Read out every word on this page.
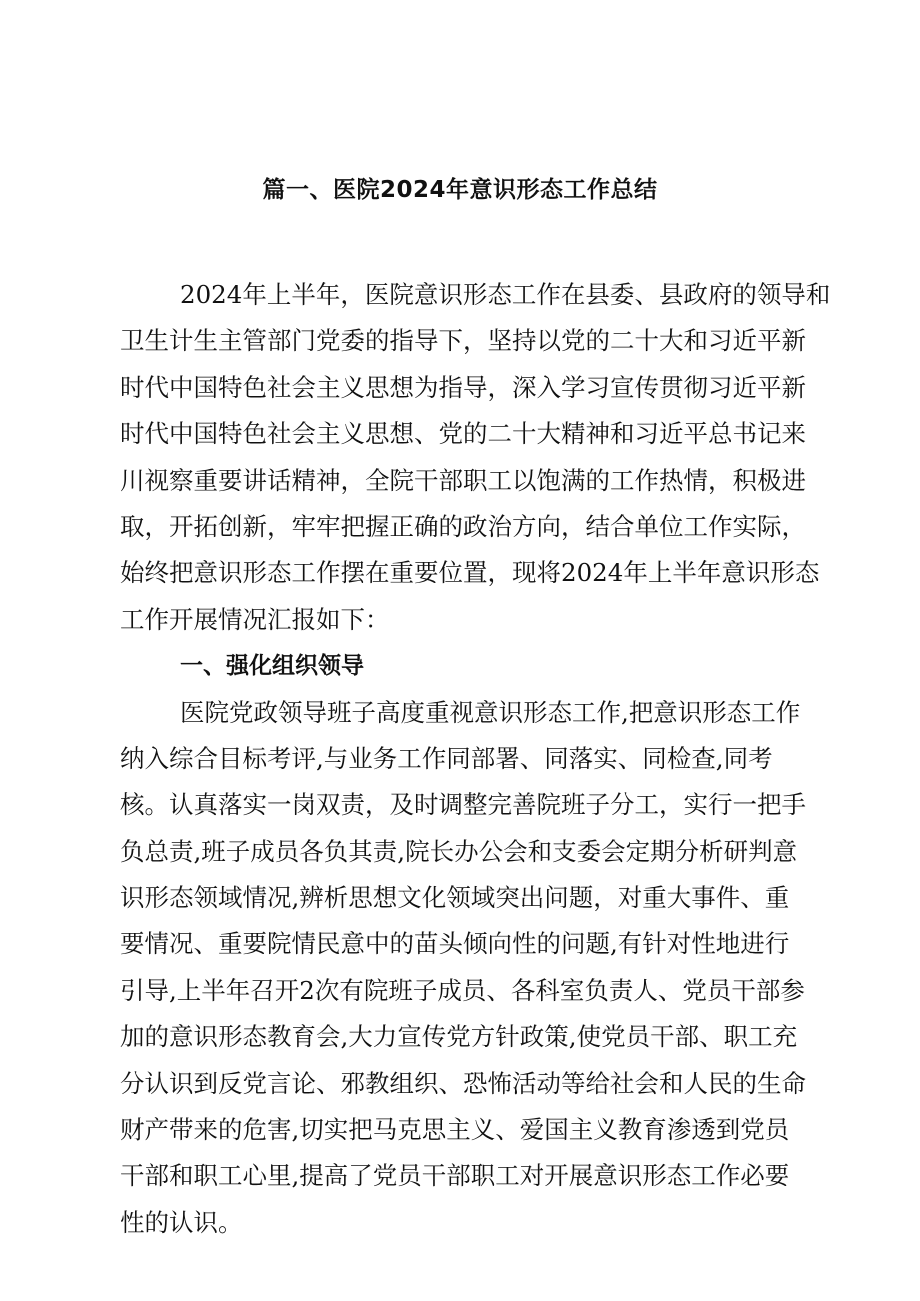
篇一、医院2024年意识形态工作总结
2024年上半年，医院意识形态工作在县委、县政府的领导和
卫生计生主管部门党委的指导下，坚持以党的二十大和习近平新
时代中国特色社会主义思想为指导，深入学习宣传贯彻习近平新
时代中国特色社会主义思想、党的二十大精神和习近平总书记来
川视察重要讲话精神，全院干部职工以饱满的工作热情，积极进
取，开拓创新，牢牢把握正确的政治方向，结合单位工作实际，
始终把意识形态工作摆在重要位置，现将2024年上半年意识形态
工作开展情况汇报如下：
一、强化组织领导
医院党政领导班子高度重视意识形态工作,把意识形态工作
纳入综合目标考评,与业务工作同部署、同落实、同检查,同考
核。认真落实一岗双责，及时调整完善院班子分工，实行一把手
负总责,班子成员各负其责,院长办公会和支委会定期分析研判意
识形态领域情况,辨析思想文化领域突出问题，对重大事件、重
要情况、重要院情民意中的苗头倾向性的问题,有针对性地进行
引导,上半年召开2次有院班子成员、各科室负责人、党员干部参
加的意识形态教育会,大力宣传党方针政策,使党员干部、职工充
分认识到反党言论、邪教组织、恐怖活动等给社会和人民的生命
财产带来的危害,切实把马克思主义、爱国主义教育渗透到党员
干部和职工心里,提高了党员干部职工对开展意识形态工作必要
性的认识。
